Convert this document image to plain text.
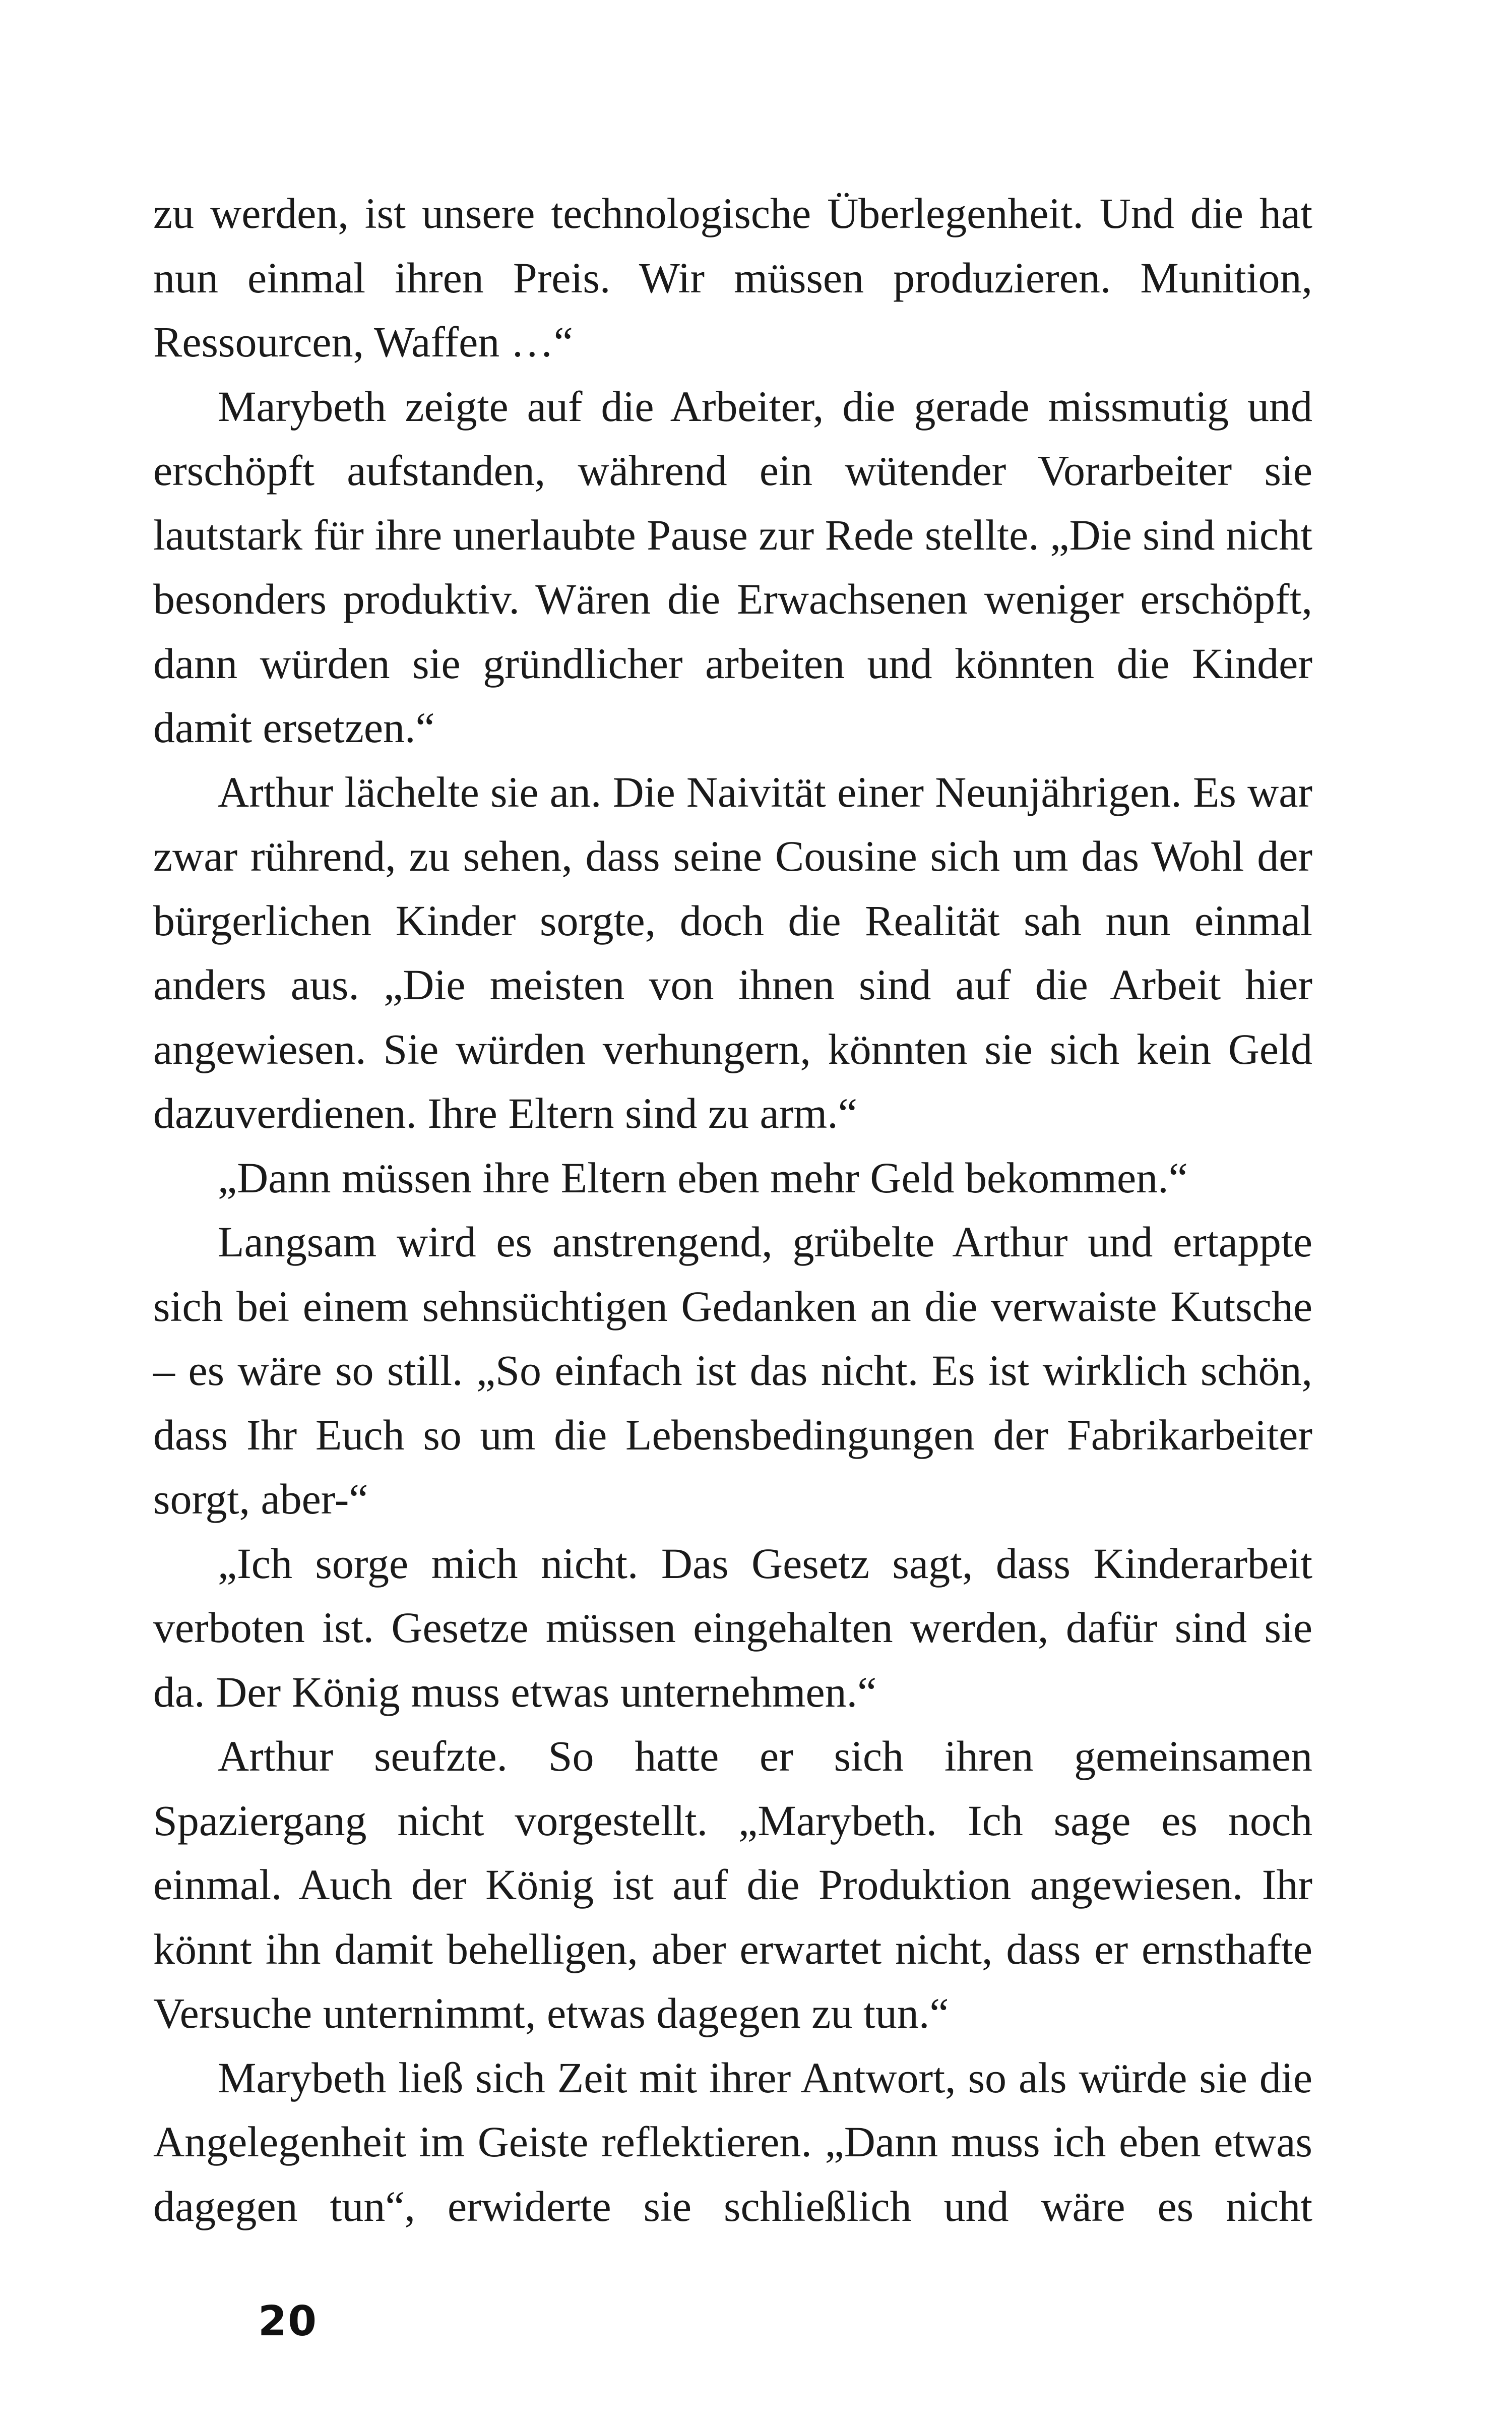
zu werden, ist unsere technologische Überlegenheit. Und die hat nun einmal ihren Preis. Wir müssen produzieren. Munition, Ressourcen, Waffen …“

Marybeth zeigte auf die Arbeiter, die gerade missmutig und erschöpft aufstanden, während ein wütender Vorarbeiter sie lautstark für ihre unerlaubte Pause zur Rede stellte. „Die sind nicht besonders produktiv. Wären die Erwachsenen weniger erschöpft, dann würden sie gründlicher arbeiten und könnten die Kinder damit ersetzen.“

Arthur lächelte sie an. Die Naivität einer Neunjährigen. Es war zwar rührend, zu sehen, dass seine Cousine sich um das Wohl der bürgerlichen Kinder sorgte, doch die Realität sah nun einmal anders aus. „Die meisten von ihnen sind auf die Arbeit hier angewiesen. Sie würden verhungern, könnten sie sich kein Geld dazuverdienen. Ihre Eltern sind zu arm.“

„Dann müssen ihre Eltern eben mehr Geld bekommen.“

Langsam wird es anstrengend, grübelte Arthur und ertappte sich bei einem sehnsüchtigen Gedanken an die verwaiste Kutsche – es wäre so still. „So einfach ist das nicht. Es ist wirklich schön, dass Ihr Euch so um die Lebensbedingungen der Fabrikarbeiter sorgt, aber-“

„Ich sorge mich nicht. Das Gesetz sagt, dass Kinderarbeit verboten ist. Gesetze müssen eingehalten werden, dafür sind sie da. Der König muss etwas unternehmen.“

Arthur seufzte. So hatte er sich ihren gemeinsamen Spaziergang nicht vorgestellt. „Marybeth. Ich sage es noch einmal. Auch der König ist auf die Produktion angewiesen. Ihr könnt ihn damit behelligen, aber erwartet nicht, dass er ernsthafte Versuche unternimmt, etwas dagegen zu tun.“

Marybeth ließ sich Zeit mit ihrer Antwort, so als würde sie die Angelegenheit im Geiste reflektieren. „Dann muss ich eben etwas dagegen tun“, erwiderte sie schließlich und wäre es nicht

20
